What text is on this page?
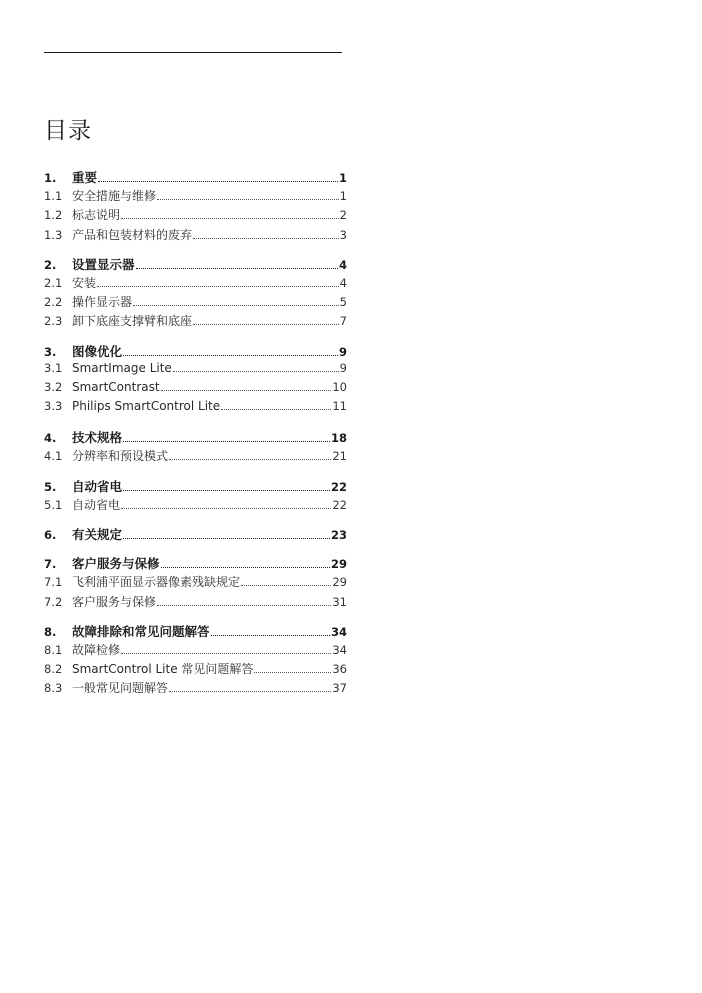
目录
1.	重要	1
1.1 安全措施与维修	1
1.2 标志说明	2
1.3 产品和包装材料的废弃	3
2.	设置显示器	4
2.1 安装	4
2.2 操作显示器	5
2.3 卸下底座支撑臂和底座	7
3.	图像优化	9
3.1 SmartImage Lite	9
3.2 SmartContrast	10
3.3 Philips SmartControl Lite	11
4.	技术规格	18
4.1 分辨率和预设模式	21
5.	自动省电	22
5.1 自动省电	22
6.	有关规定	23
7.	客户服务与保修	29
7.1 飞利浦平面显示器像素残缺规定	29
7.2 客户服务与保修	31
8.	故障排除和常见问题解答	34
8.1 故障检修	34
8.2 SmartControl Lite 常见问题解答	36
8.3 一般常见问题解答	37
